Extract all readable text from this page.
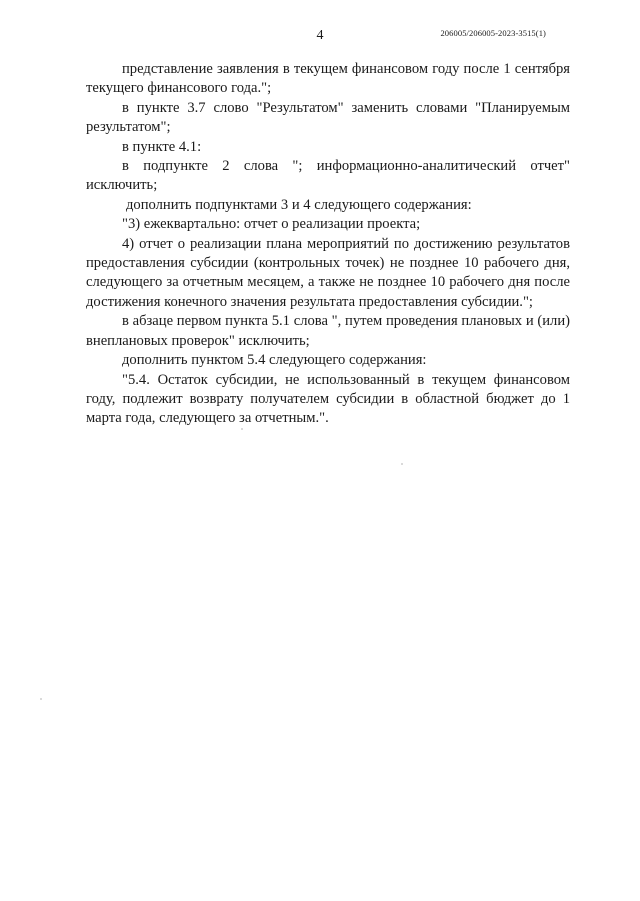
4	206005/206005-2023-3515(1)

представление заявления в текущем финансовом году после 1 сентября текущего финансового года.";

в пункте 3.7 слово "Результатом" заменить словами "Планируемым результатом";

в пункте 4.1:

в подпункте 2 слова "; информационно-аналитический отчет" исключить;

дополнить подпунктами 3 и 4 следующего содержания:

"3) ежеквартально: отчет о реализации проекта;

4) отчет о реализации плана мероприятий по достижению результатов предоставления субсидии (контрольных точек) не позднее 10 рабочего дня, следующего за отчетным месяцем, а также не позднее 10 рабочего дня после достижения конечного значения результата предоставления субсидии.";

в абзаце первом пункта 5.1 слова ", путем проведения плановых и (или) внеплановых проверок" исключить;

дополнить пунктом 5.4 следующего содержания:

"5.4. Остаток субсидии, не использованный в текущем финансовом году, подлежит возврату получателем субсидии в областной бюджет до 1 марта года, следующего за отчетным.".
